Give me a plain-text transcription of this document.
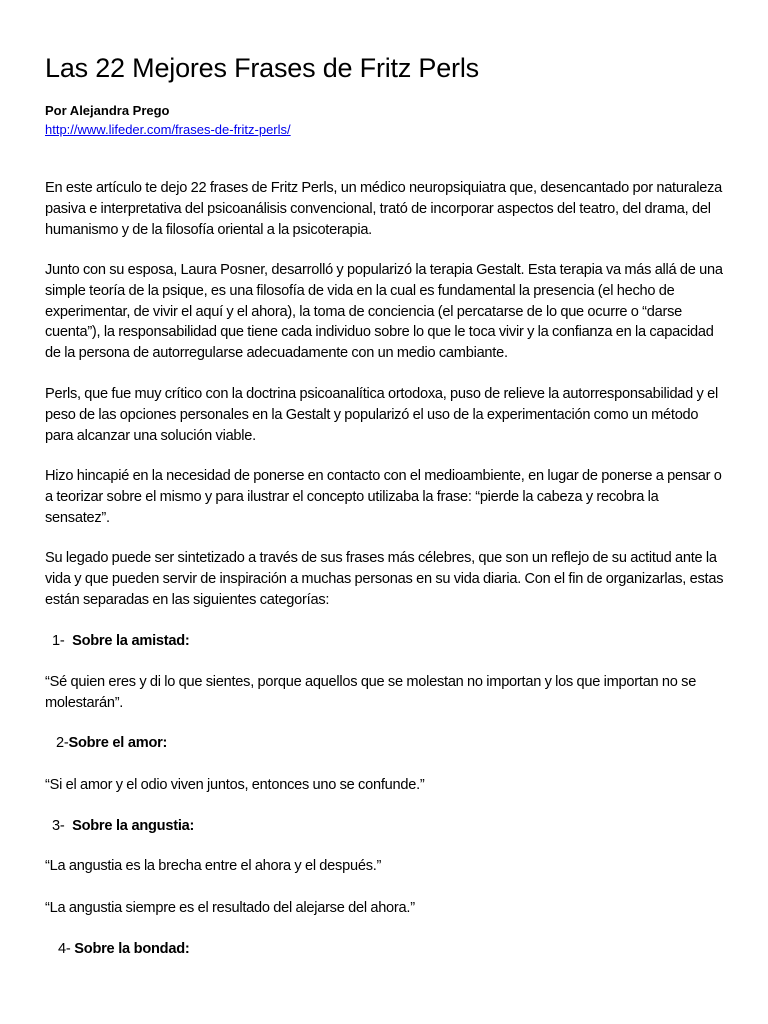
Las 22 Mejores Frases de Fritz Perls
Por Alejandra Prego
http://www.lifeder.com/frases-de-fritz-perls/

En este artículo te dejo 22 frases de Fritz Perls, un médico neuropsiquiatra que, desencantado por naturaleza pasiva e interpretativa del psicoanálisis convencional, trató de incorporar aspectos del teatro, del drama, del humanismo y de la filosofía oriental a la psicoterapia.

Junto con su esposa, Laura Posner, desarrolló y popularizó la terapia Gestalt. Esta terapia va más allá de una simple teoría de la psique, es una filosofía de vida en la cual es fundamental la presencia (el hecho de experimentar, de vivir el aquí y el ahora), la toma de conciencia (el percatarse de lo que ocurre o “darse cuenta”), la responsabilidad que tiene cada individuo sobre lo que le toca vivir y la confianza en la capacidad de la persona de autorregularse adecuadamente con un medio cambiante.

Perls, que fue muy crítico con la doctrina psicoanalítica ortodoxa, puso de relieve la autorresponsabilidad y el peso de las opciones personales en la Gestalt y popularizó el uso de la experimentación como un método para alcanzar una solución viable.

Hizo hincapié en la necesidad de ponerse en contacto con el medioambiente, en lugar de ponerse a pensar o a teorizar sobre el mismo y para ilustrar el concepto utilizaba la frase: “pierde la cabeza y recobra la sensatez”.

Su legado puede ser sintetizado a través de sus frases más célebres, que son un reflejo de su actitud ante la vida y que pueden servir de inspiración a muchas personas en su vida diaria. Con el fin de organizarlas, estas están separadas en las siguientes categorías:

1- Sobre la amistad:

“Sé quien eres y di lo que sientes, porque aquellos que se molestan no importan y los que importan no se molestarán”.

2-Sobre el amor:

“Si el amor y el odio viven juntos, entonces uno se confunde.”

3- Sobre la angustia:

“La angustia es la brecha entre el ahora y el después.”

“La angustia siempre es el resultado del alejarse del ahora.”

4- Sobre la bondad:
